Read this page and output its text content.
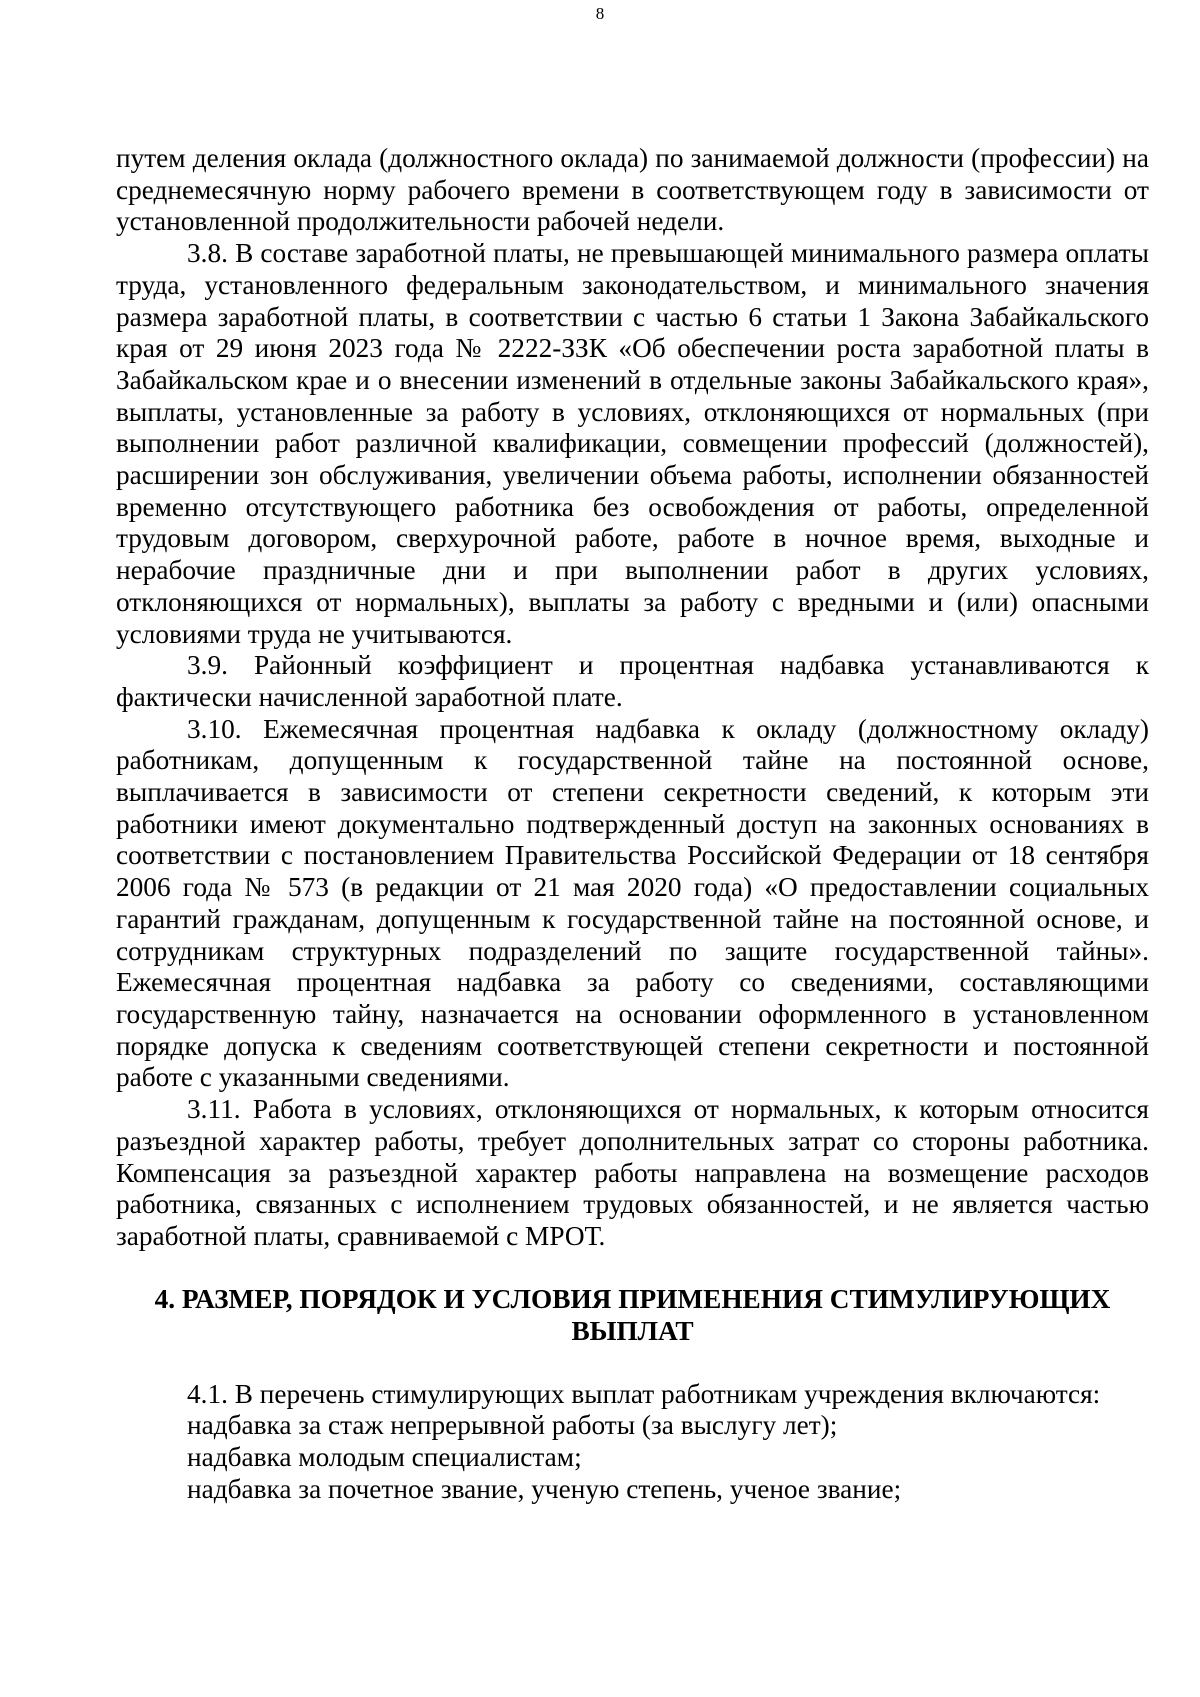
8

путем деления оклада (должностного оклада) по занимаемой должности (профессии) на среднемесячную норму рабочего времени в соответствующем году в зависимости от установленной продолжительности рабочей недели.

3.8. В составе заработной платы, не превышающей минимального размера оплаты труда, установленного федеральным законодательством, и минимального значения размера заработной платы, в соответствии с частью 6 статьи 1 Закона Забайкальского края от 29 июня 2023 года № 2222-ЗЗК «Об обеспечении роста заработной платы в Забайкальском крае и о внесении изменений в отдельные законы Забайкальского края», выплаты, установленные за работу в условиях, отклоняющихся от нормальных (при выполнении работ различной квалификации, совмещении профессий (должностей), расширении зон обслуживания, увеличении объема работы, исполнении обязанностей временно отсутствующего работника без освобождения от работы, определенной трудовым договором, сверхурочной работе, работе в ночное время, выходные и нерабочие праздничные дни и при выполнении работ в других условиях, отклоняющихся от нормальных), выплаты за работу с вредными и (или) опасными условиями труда не учитываются.

3.9. Районный коэффициент и процентная надбавка устанавливаются к фактически начисленной заработной плате.

3.10. Ежемесячная процентная надбавка к окладу (должностному окладу) работникам, допущенным к государственной тайне на постоянной основе, выплачивается в зависимости от степени секретности сведений, к которым эти работники имеют документально подтвержденный доступ на законных основаниях в соответствии с постановлением Правительства Российской Федерации от 18 сентября 2006 года № 573 (в редакции от 21 мая 2020 года) «О предоставлении социальных гарантий гражданам, допущенным к государственной тайне на постоянной основе, и сотрудникам структурных подразделений по защите государственной тайны». Ежемесячная процентная надбавка за работу со сведениями, составляющими государственную тайну, назначается на основании оформленного в установленном порядке допуска к сведениям соответствующей степени секретности и постоянной работе с указанными сведениями.

3.11. Работа в условиях, отклоняющихся от нормальных, к которым относится разъездной характер работы, требует дополнительных затрат со стороны работника. Компенсация за разъездной характер работы направлена на возмещение расходов работника, связанных с исполнением трудовых обязанностей, и не является частью заработной платы, сравниваемой с МРОТ.

4. РАЗМЕР, ПОРЯДОК И УСЛОВИЯ ПРИМЕНЕНИЯ СТИМУЛИРУЮЩИХ ВЫПЛАТ

4.1. В перечень стимулирующих выплат работникам учреждения включаются:

надбавка за стаж непрерывной работы (за выслугу лет);

надбавка молодым специалистам;

надбавка за почетное звание, ученую степень, ученое звание;
